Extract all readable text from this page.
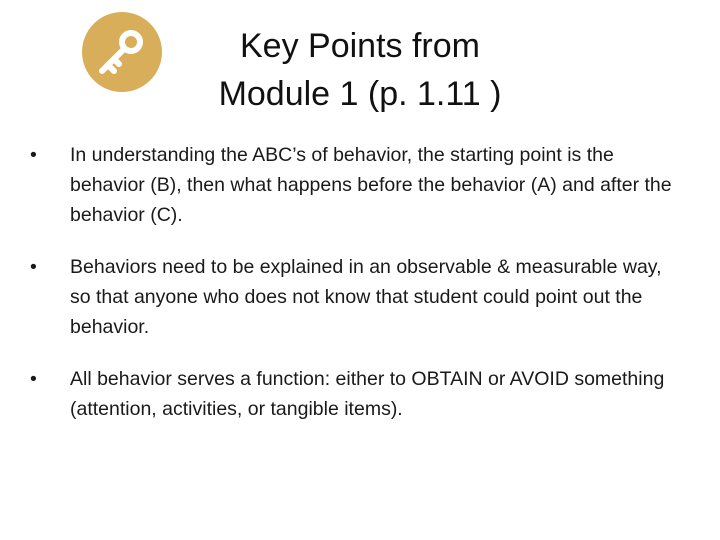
Key Points from
Module 1 (p. 1.11 )
•	In understanding the ABC’s of behavior, the starting point is the behavior (B), then what happens before the behavior (A) and after the behavior (C).
•	Behaviors need to be explained in an observable & measurable way, so that anyone who does not know that student could point out the behavior.
•	All behavior serves a function: either to OBTAIN or AVOID something (attention, activities, or tangible items).
